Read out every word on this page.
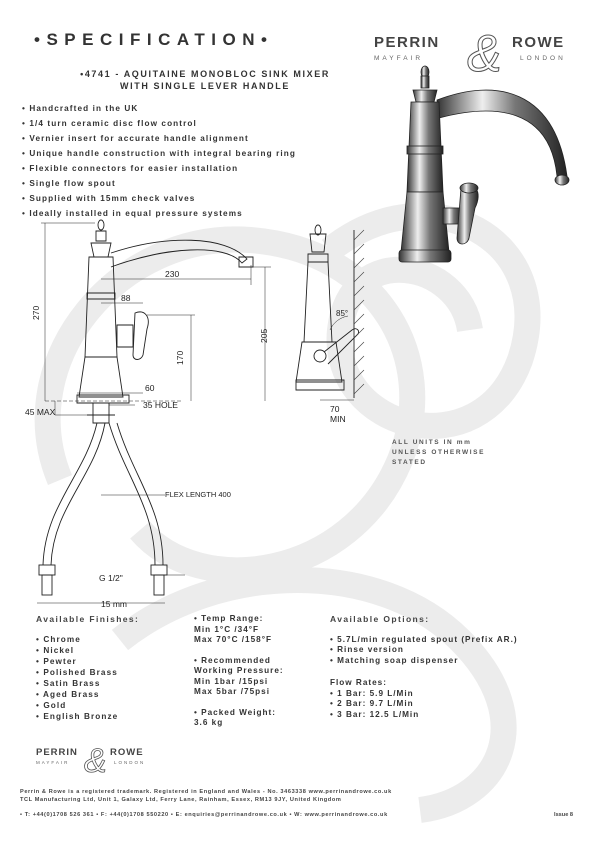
•SPECIFICATION•
•4741 - AQUITAINE MONOBLOC SINK MIXER
WITH SINGLE LEVER HANDLE
PERRIN	ROWE
MAYFAIR	LONDON
&
• Handcrafted in the UK
• 1/4 turn ceramic disc flow control
• Vernier insert for accurate handle alignment
• Unique handle construction with integral bearing ring
• Flexible connectors for easier installation
• Single flow spout
• Supplied with 15mm check valves
• Ideally installed in equal pressure systems
270
230
88
205
170
60
45 MAX
35 HOLE
FLEX LENGTH 400
G 1/2"
15 mm
85°
70
MIN
ALL UNITS IN mm
UNLESS OTHERWISE
STATED
Available Finishes:
• Chrome
• Nickel
• Pewter
• Polished Brass
• Satin Brass
• Aged Brass
• Gold
• English Bronze
• Temp Range:
Min 1°C /34°F
Max 70°C /158°F
• Recommended
Working Pressure:
Min 1bar /15psi
Max 5bar /75psi
• Packed Weight:
3.6 kg
Available Options:
• 5.7L/min regulated spout (Prefix AR.)
• Rinse version
• Matching soap dispenser
Flow Rates:
• 1 Bar: 5.9 L/Min
• 2 Bar: 9.7 L/Min
• 3 Bar: 12.5 L/Min
PERRIN	ROWE
MAYFAIR	LONDON
&
Perrin & Rowe is a registered trademark. Registered in England and Wales - No. 3463338 www.perrinandrowe.co.uk
TCL Manufacturing Ltd, Unit 1, Galaxy Ltd, Ferry Lane, Rainham, Essex, RM13 9JY, United Kingdom
• T: +44(0)1708 526 361 • F: +44(0)1708 550220 • E: enquiries@perrinandrowe.co.uk • W: www.perrinandrowe.co.uk	Issue 8
